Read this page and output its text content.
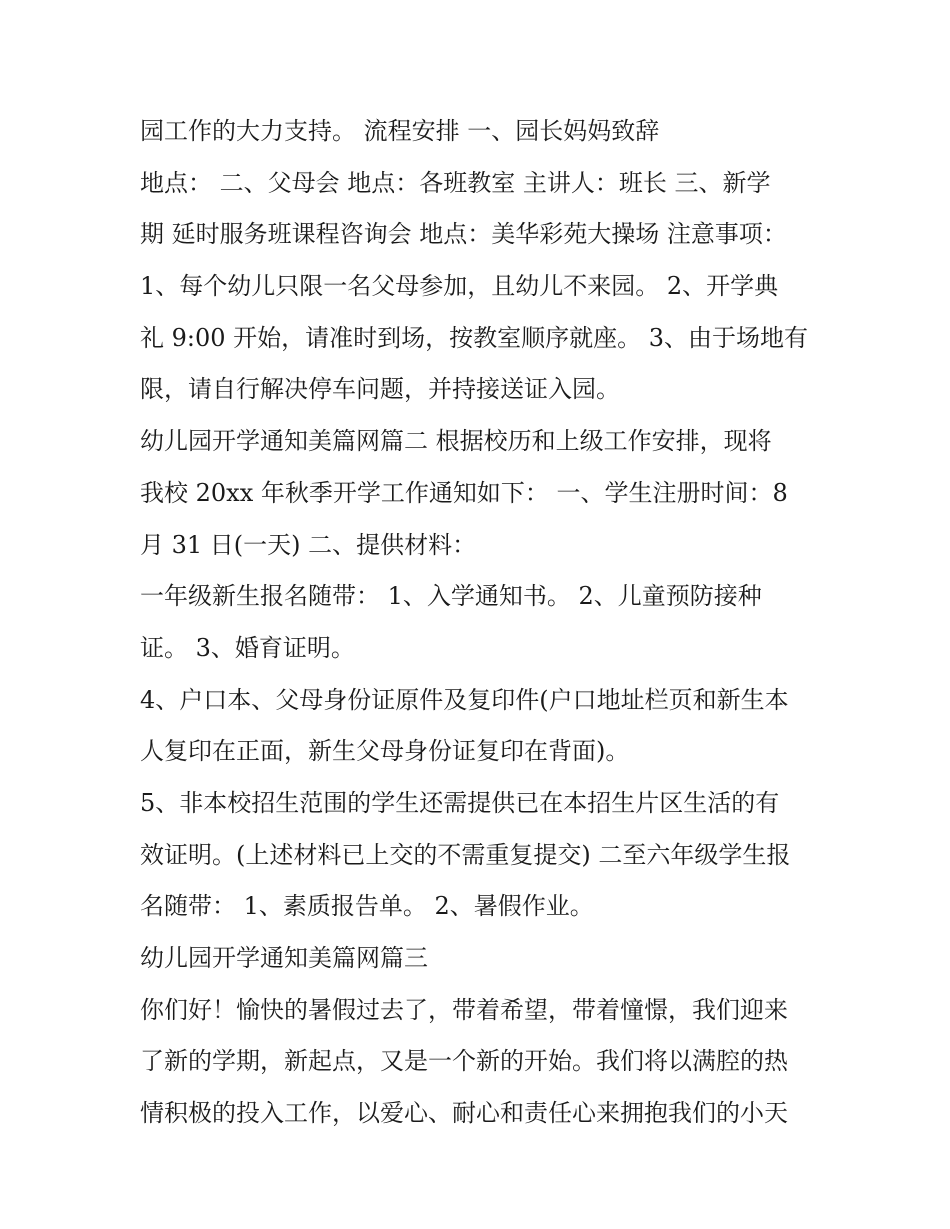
园工作的大力支持。 流程安排 一、园长妈妈致辞
地点： 二、父母会 地点：各班教室 主讲人：班长 三、新学
期 延时服务班课程咨询会 地点：美华彩苑大操场 注意事项：
1、每个幼儿只限一名父母参加，且幼儿不来园。 2、开学典
礼 9:00 开始，请准时到场，按教室顺序就座。 3、由于场地有
限，请自行解决停车问题，并持接送证入园。
幼儿园开学通知美篇网篇二 根据校历和上级工作安排，现将
我校 20xx 年秋季开学工作通知如下： 一、学生注册时间：8
月 31 日(一天) 二、提供材料：
一年级新生报名随带： 1、入学通知书。 2、儿童预防接种
证。 3、婚育证明。
4、户口本、父母身份证原件及复印件(户口地址栏页和新生本
人复印在正面，新生父母身份证复印在背面)。
5、非本校招生范围的学生还需提供已在本招生片区生活的有
效证明。(上述材料已上交的不需重复提交) 二至六年级学生报
名随带： 1、素质报告单。 2、暑假作业。
幼儿园开学通知美篇网篇三
你们好！愉快的暑假过去了，带着希望，带着憧憬，我们迎来
了新的学期，新起点，又是一个新的开始。我们将以满腔的热
情积极的投入工作，以爱心、耐心和责任心来拥抱我们的小天
